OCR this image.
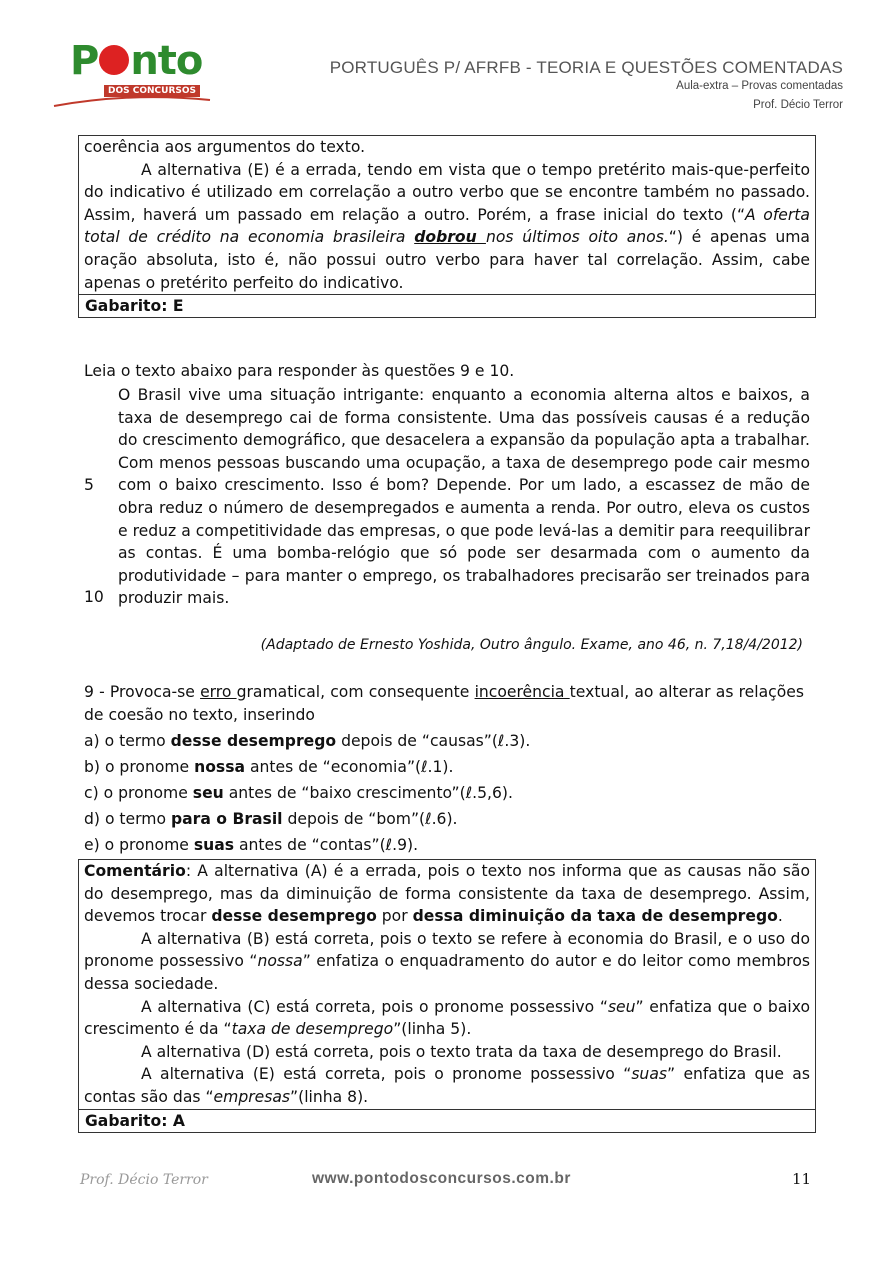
P nto
DOS CONCURSOS
PORTUGUÊS P/ AFRFB - TEORIA E QUESTÕES COMENTADAS
Aula-extra – Provas comentadas
Prof. Décio Terror

coerência aos argumentos do texto.

A alternativa (E) é a errada, tendo em vista que o tempo pretérito mais-que-perfeito do indicativo é utilizado em correlação a outro verbo que se encontre também no passado. Assim, haverá um passado em relação a outro. Porém, a frase inicial do texto (“A oferta total de crédito na economia brasileira dobrou nos últimos oito anos.“) é apenas uma oração absoluta, isto é, não possui outro verbo para haver tal correlação. Assim, cabe apenas o pretérito perfeito do indicativo.

Gabarito: E
Leia o texto abaixo para responder às questões 9 e 10.
O Brasil vive uma situação intrigante: enquanto a economia alterna altos e baixos, a taxa de desemprego cai de forma consistente. Uma das possíveis causas é a redução do crescimento demográfico, que desacelera a expansão da população apta a trabalhar. Com menos pessoas buscando uma ocupação, a taxa de desemprego pode cair mesmo com o baixo crescimento. Isso é bom? Depende. Por um lado, a escassez de mão de obra reduz o número de desempregados e aumenta a renda. Por outro, eleva os custos e reduz a competitividade das empresas, o que pode levá-las a demitir para reequilibrar as contas. É uma bomba-relógio que só pode ser desarmada com o aumento da produtividade – para manter o emprego, os trabalhadores precisarão ser treinados para produzir mais.
5
10
(Adaptado de Ernesto Yoshida, Outro ângulo. Exame, ano 46, n. 7,18/4/2012)
9 - Provoca-se erro gramatical, com consequente incoerência textual, ao alterar as relações de coesão no texto, inserindo
a) o termo desse desemprego depois de “causas”(ℓ.3).
b) o pronome nossa antes de “economia”(ℓ.1).
c) o pronome seu antes de “baixo crescimento”(ℓ.5,6).
d) o termo para o Brasil depois de “bom”(ℓ.6).
e) o pronome suas antes de “contas”(ℓ.9).

Comentário: A alternativa (A) é a errada, pois o texto nos informa que as causas não são do desemprego, mas da diminuição de forma consistente da taxa de desemprego. Assim, devemos trocar desse desemprego por dessa diminuição da taxa de desemprego.

A alternativa (B) está correta, pois o texto se refere à economia do Brasil, e o uso do pronome possessivo “nossa” enfatiza o enquadramento do autor e do leitor como membros dessa sociedade.

A alternativa (C) está correta, pois o pronome possessivo “seu” enfatiza que o baixo crescimento é da “taxa de desemprego”(linha 5).

A alternativa (D) está correta, pois o texto trata da taxa de desemprego do Brasil.

A alternativa (E) está correta, pois o pronome possessivo “suas” enfatiza que as contas são das “empresas”(linha 8).

Gabarito: A
Prof. Décio Terror	www.pontodosconcursos.com.br	11
